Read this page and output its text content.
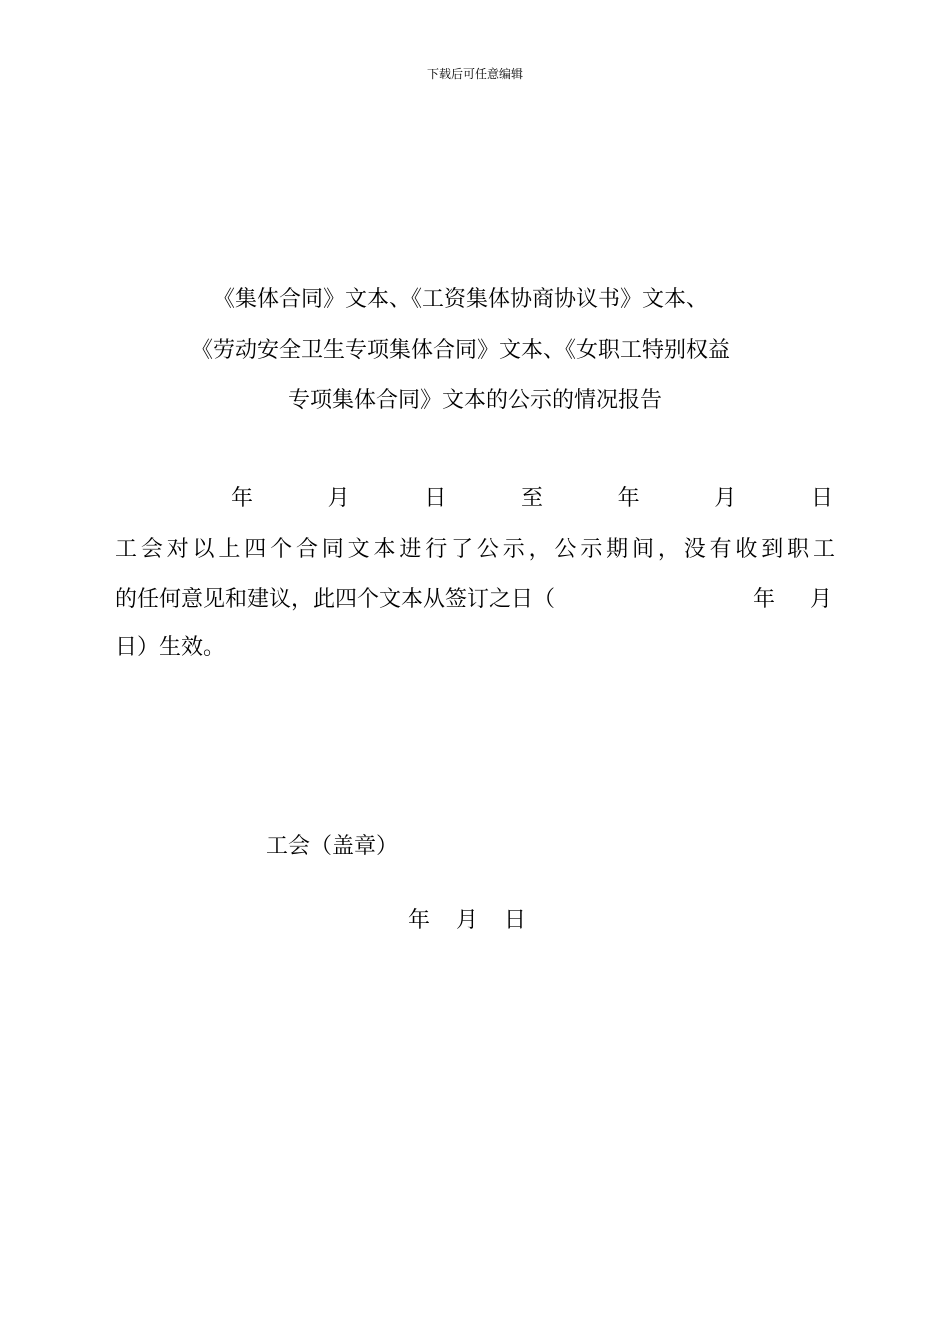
下载后可任意编辑
《集体合同》文本、《工资集体协商协议书》文本、
《劳动安全卫生专项集体合同》文本、《女职工特别权益
专项集体合同》文本的公示的情况报告
年	月	日	至	年	月	日
工会对以上四个合同文本进行了公示，公示期间，没有收到职工
的任何意见和建议，此四个文本从签订之日（	年 月
日）生效。
工会（盖章）
年 月 日
